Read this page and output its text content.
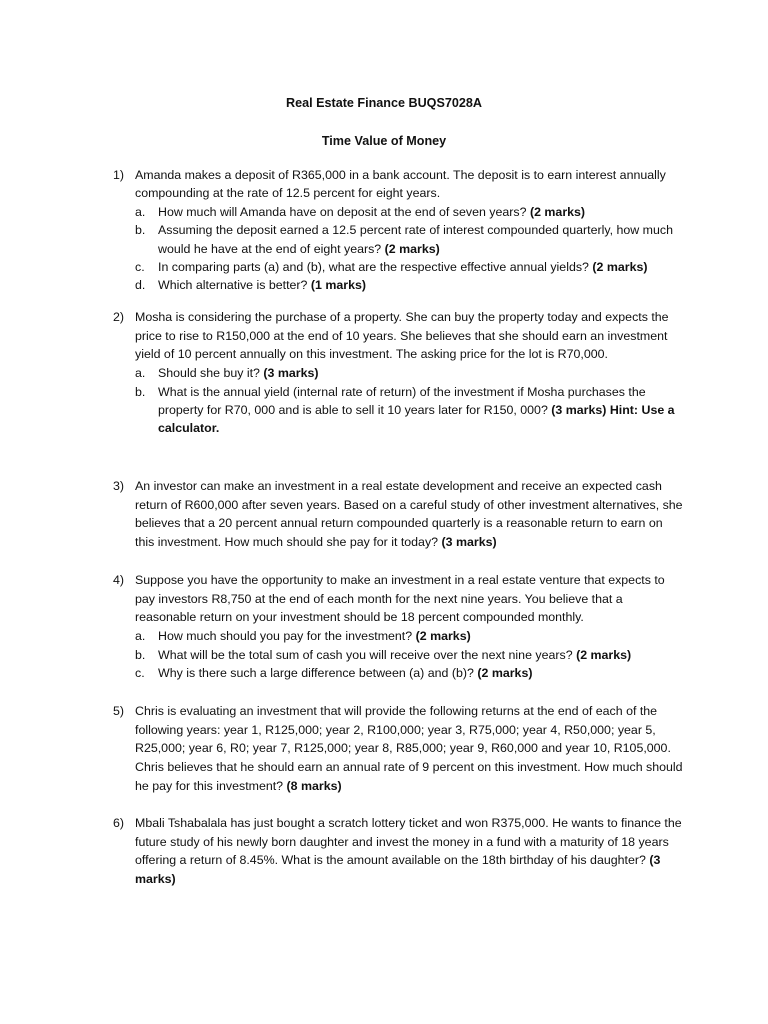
Real Estate Finance BUQS7028A
Time Value of Money
1) Amanda makes a deposit of R365,000 in a bank account. The deposit is to earn interest annually compounding at the rate of 12.5 percent for eight years.
a. How much will Amanda have on deposit at the end of seven years? (2 marks)
b. Assuming the deposit earned a 12.5 percent rate of interest compounded quarterly, how much would he have at the end of eight years? (2 marks)
c. In comparing parts (a) and (b), what are the respective effective annual yields? (2 marks)
d. Which alternative is better? (1 marks)
2) Mosha is considering the purchase of a property. She can buy the property today and expects the price to rise to R150,000 at the end of 10 years. She believes that she should earn an investment yield of 10 percent annually on this investment. The asking price for the lot is R70,000.
a. Should she buy it? (3 marks)
b. What is the annual yield (internal rate of return) of the investment if Mosha purchases the property for R70, 000 and is able to sell it 10 years later for R150, 000? (3 marks) Hint: Use a calculator.
3) An investor can make an investment in a real estate development and receive an expected cash return of R600,000 after seven years. Based on a careful study of other investment alternatives, she believes that a 20 percent annual return compounded quarterly is a reasonable return to earn on this investment. How much should she pay for it today? (3 marks)
4) Suppose you have the opportunity to make an investment in a real estate venture that expects to pay investors R8,750 at the end of each month for the next nine years. You believe that a reasonable return on your investment should be 18 percent compounded monthly.
a. How much should you pay for the investment? (2 marks)
b. What will be the total sum of cash you will receive over the next nine years? (2 marks)
c. Why is there such a large difference between (a) and (b)? (2 marks)
5) Chris is evaluating an investment that will provide the following returns at the end of each of the following years: year 1, R125,000; year 2, R100,000; year 3, R75,000; year 4, R50,000; year 5, R25,000; year 6, R0; year 7, R125,000; year 8, R85,000; year 9, R60,000 and year 10, R105,000. Chris believes that he should earn an annual rate of 9 percent on this investment. How much should he pay for this investment? (8 marks)
6) Mbali Tshabalala has just bought a scratch lottery ticket and won R375,000. He wants to finance the future study of his newly born daughter and invest the money in a fund with a maturity of 18 years offering a return of 8.45%. What is the amount available on the 18th birthday of his daughter? (3 marks)
